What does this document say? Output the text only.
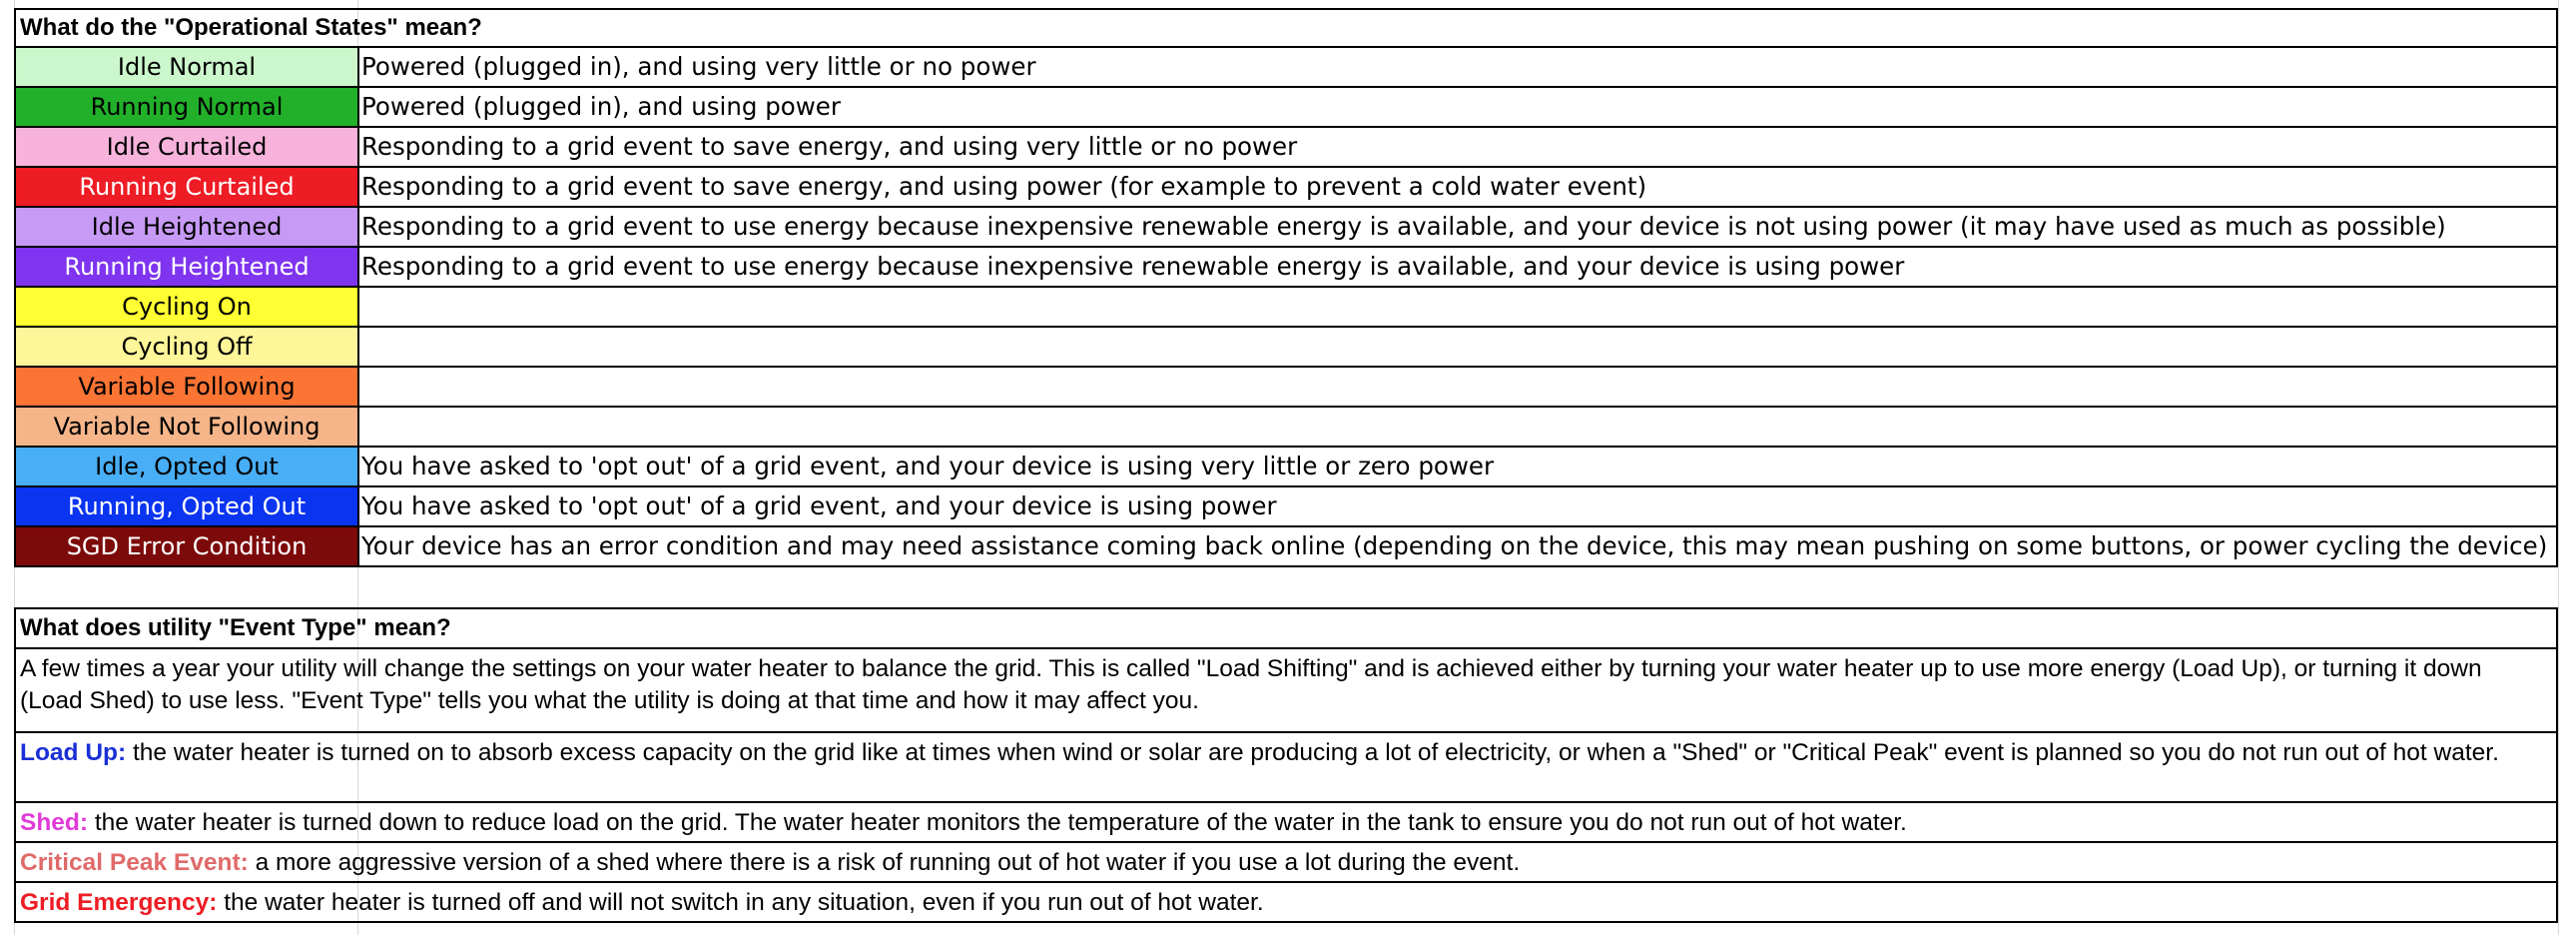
What do the "Operational States" mean?
Idle Normal	Powered (plugged in), and using very little or no power
Running Normal	Powered (plugged in), and using power
Idle Curtailed	Responding to a grid event to save energy, and using very little or no power
Running Curtailed	Responding to a grid event to save energy, and using power (for example to prevent a cold water event)
Idle Heightened	Responding to a grid event to use energy because inexpensive renewable energy is available, and your device is not using power (it may have used as much as possible)
Running Heightened	Responding to a grid event to use energy because inexpensive renewable energy is available, and your device is using power
Cycling On
Cycling Off
Variable Following
Variable Not Following
Idle, Opted Out	You have asked to 'opt out' of a grid event, and your device is using very little or zero power
Running, Opted Out	You have asked to 'opt out' of a grid event, and your device is using power
SGD Error Condition	Your device has an error condition and may need assistance coming back online (depending on the device, this may mean pushing on some buttons, or power cycling the device)
What does utility "Event Type" mean?
A few times a year your utility will change the settings on your water heater to balance the grid. This is called "Load Shifting" and is achieved either by turning your water heater up to use more energy (Load Up), or turning it down (Load Shed) to use less. "Event Type" tells you what the utility is doing at that time and how it may affect you.
Load Up: the water heater is turned on to absorb excess capacity on the grid like at times when wind or solar are producing a lot of electricity, or when a "Shed" or "Critical Peak" event is planned so you do not run out of hot water.
Shed: the water heater is turned down to reduce load on the grid. The water heater monitors the temperature of the water in the tank to ensure you do not run out of hot water.
Critical Peak Event: a more aggressive version of a shed where there is a risk of running out of hot water if you use a lot during the event.
Grid Emergency: the water heater is turned off and will not switch in any situation, even if you run out of hot water.
